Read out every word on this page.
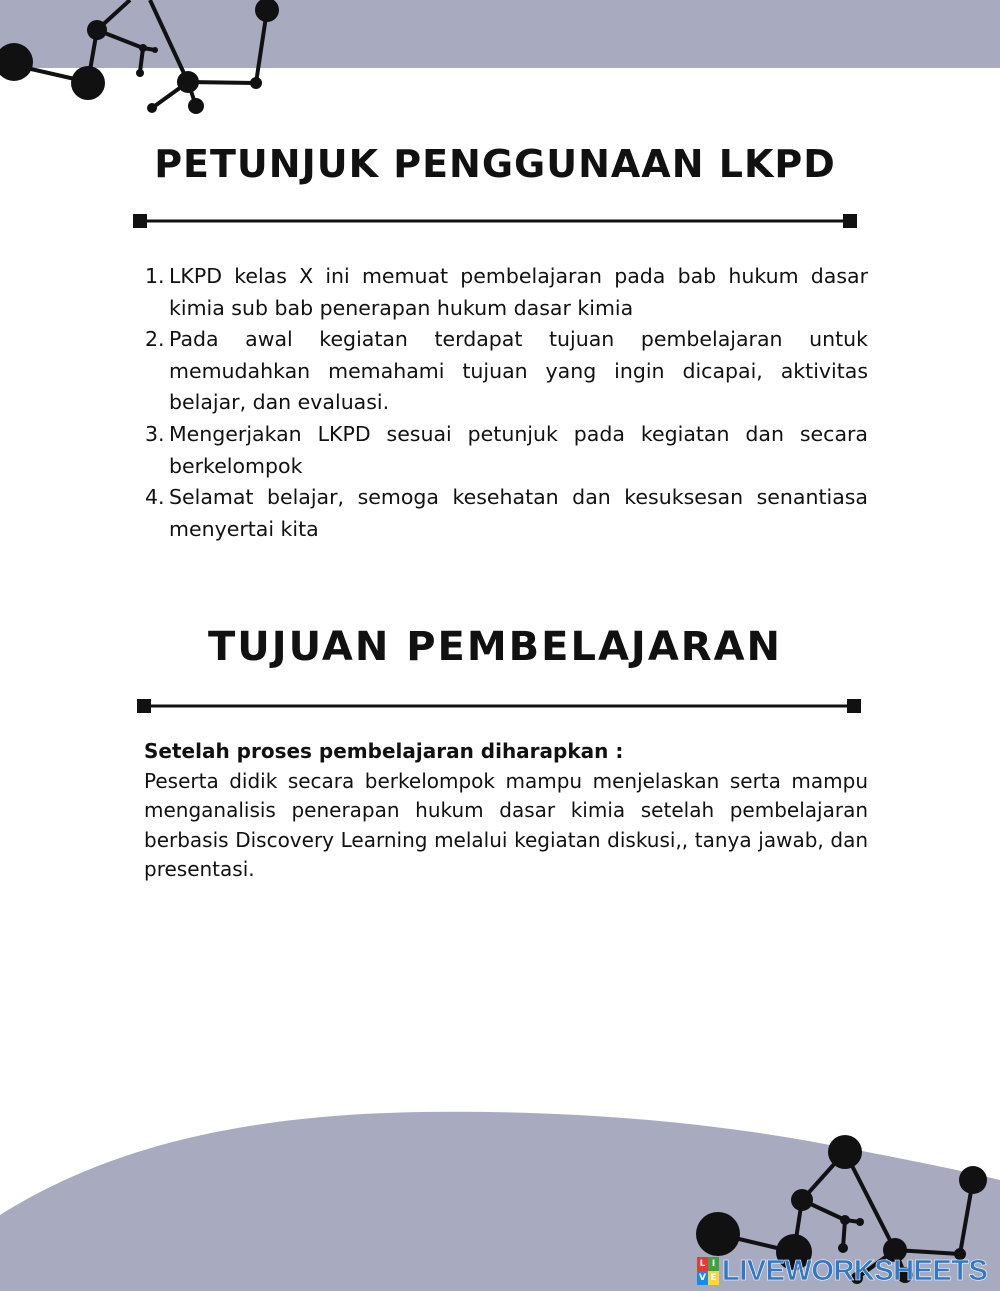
PETUNJUK PENGGUNAAN LKPD
1. LKPD kelas X ini memuat pembelajaran pada bab hukum dasar kimia sub bab penerapan hukum dasar kimia
2. Pada awal kegiatan terdapat tujuan pembelajaran untuk memudahkan memahami tujuan yang ingin dicapai, aktivitas belajar, dan evaluasi.
3. Mengerjakan LKPD sesuai petunjuk pada kegiatan dan secara berkelompok
4. Selamat belajar, semoga kesehatan dan kesuksesan senantiasa menyertai kita
TUJUAN PEMBELAJARAN

Setelah proses pembelajaran diharapkan :

Peserta didik secara berkelompok mampu menjelaskan serta mampu menganalisis penerapan hukum dasar kimia setelah pembelajaran berbasis Discovery Learning melalui kegiatan diskusi,, tanya jawab, dan presentasi.

L I
V E LIVEWORKSHEETS
